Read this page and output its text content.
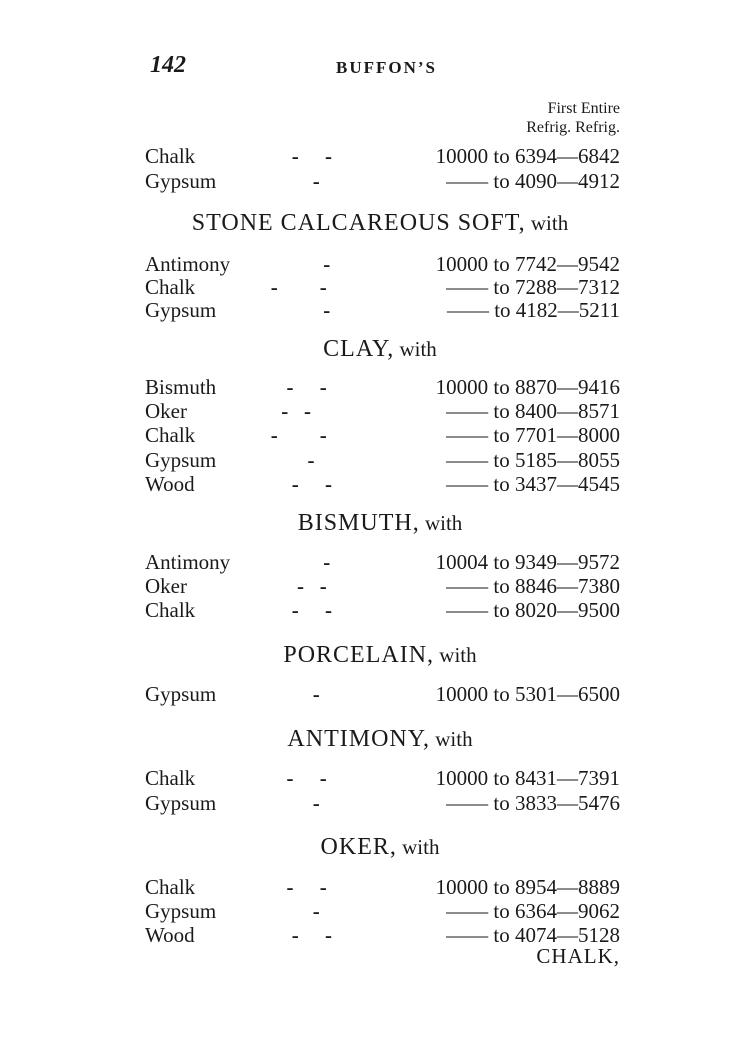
142	BUFFON’S
First Entire
Refrig. Refrig.
Chalk	-     -	10000 to 6394—6842
Gypsum -	—— to 4090—4912
STONE CALCAREOUS SOFT, with
Antimony -	10000 to 7742—9542
Chalk	-        -	—— to 7288—7312
Gypsum -	—— to 4182—5211
CLAY, with
Bismuth -     -	10000 to 8870—9416
Oker	-   -	—— to 8400—8571
Chalk	-        -	—— to 7701—8000
Gypsum -	—— to 5185—8055
Wood	-     -	—— to 3437—4545
BISMUTH, with
Antimony -	10004 to 9349—9572
Oker	-   -	—— to 8846—7380
Chalk	-     -	—— to 8020—9500
PORCELAIN, with
Gypsum -	10000 to 5301—6500
ANTIMONY, with
Chalk	-     -	10000 to 8431—7391
Gypsum -	—— to 3833—5476
OKER, with
Chalk	-     -	10000 to 8954—8889
Gypsum -	—— to 6364—9062
Wood	-     -	—— to 4074—5128
CHALK,
